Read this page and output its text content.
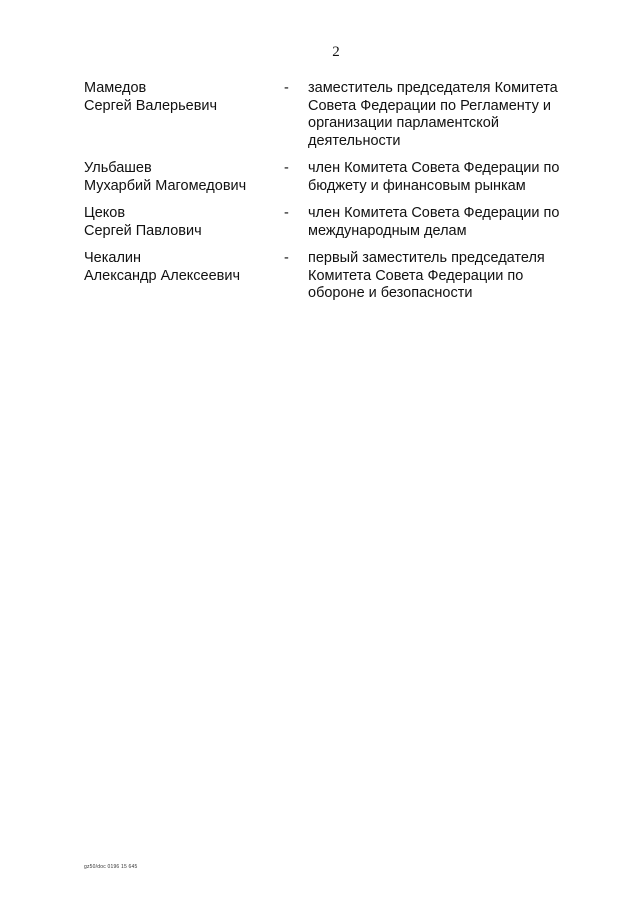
2
Мамедов
Сергей Валерьевич
-	заместитель председателя Комитета Совета Федерации по Регламенту и организации парламентской деятельности
Ульбашев
Мухарбий Магомедович
-	член Комитета Совета Федерации по бюджету и финансовым рынкам
Цеков
Сергей Павлович
-	член Комитета Совета Федерации по международным делам
Чекалин
Александр Алексеевич
-	первый заместитель председателя Комитета Совета Федерации по обороне и безопасности
gz50/doc 0196 15 645
